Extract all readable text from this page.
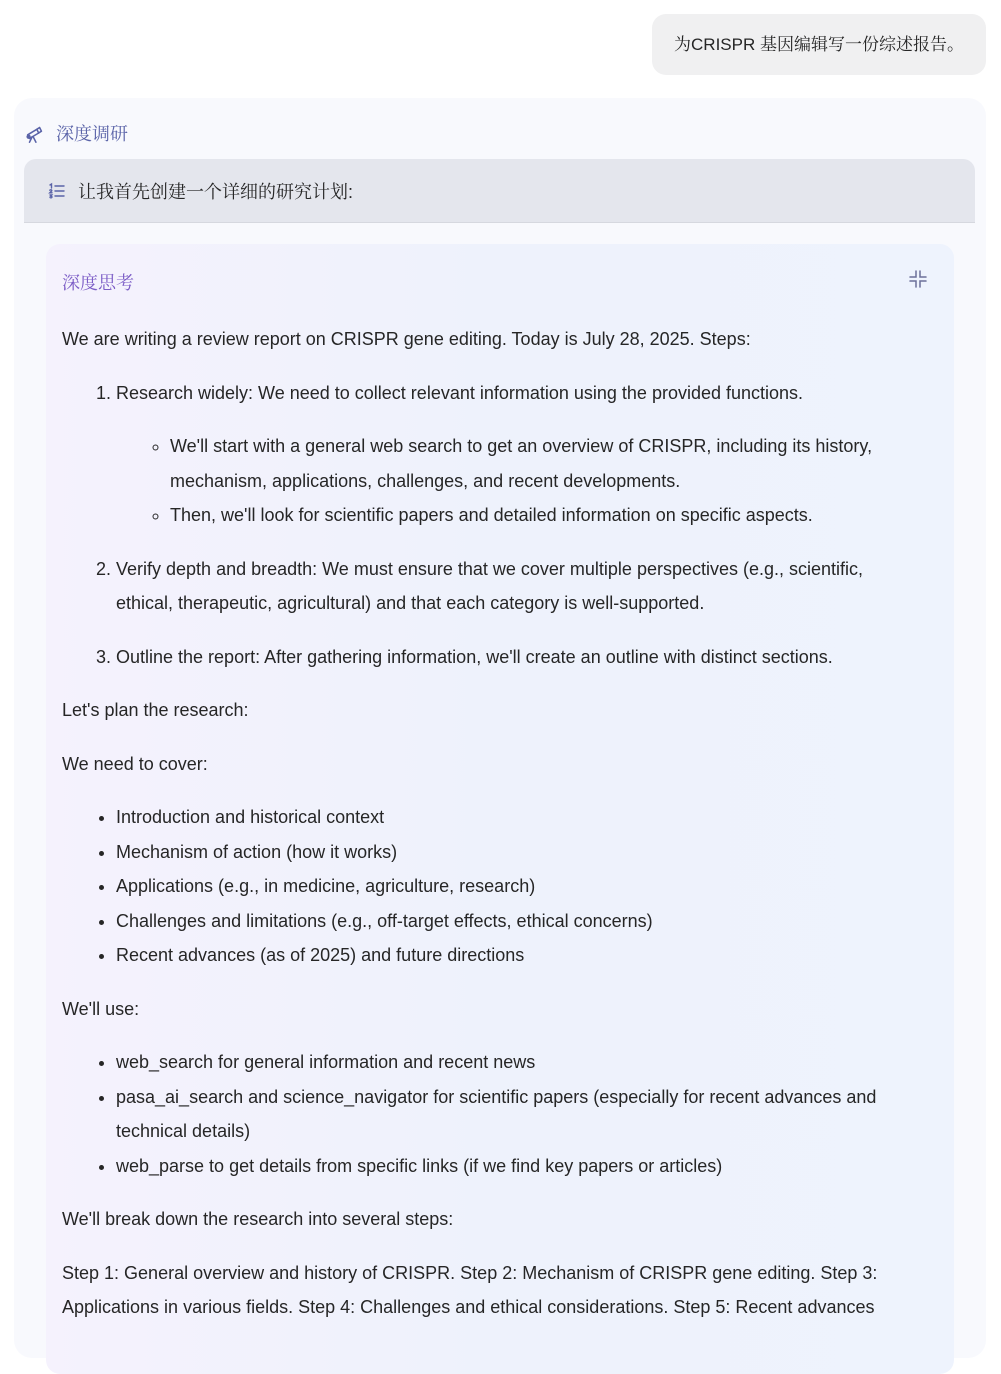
为CRISPR 基因编辑写一份综述报告。
深度调研
让我首先创建一个详细的研究计划:
深度思考

We are writing a review report on CRISPR gene editing. Today is July 28, 2025. Steps:

1. Research widely: We need to collect relevant information using the provided functions.
◦ We'll start with a general web search to get an overview of CRISPR, including its history, mechanism, applications, challenges, and recent developments.
◦ Then, we'll look for scientific papers and detailed information on specific aspects.
2. Verify depth and breadth: We must ensure that we cover multiple perspectives (e.g., scientific, ethical, therapeutic, agricultural) and that each category is well-supported.
3. Outline the report: After gathering information, we'll create an outline with distinct sections.

Let's plan the research:

We need to cover:

• Introduction and historical context
• Mechanism of action (how it works)
• Applications (e.g., in medicine, agriculture, research)
• Challenges and limitations (e.g., off-target effects, ethical concerns)
• Recent advances (as of 2025) and future directions

We'll use:

• web_search for general information and recent news
• pasa_ai_search and science_navigator for scientific papers (especially for recent advances and technical details)
• web_parse to get details from specific links (if we find key papers or articles)

We'll break down the research into several steps:

Step 1: General overview and history of CRISPR. Step 2: Mechanism of CRISPR gene editing. Step 3: Applications in various fields. Step 4: Challenges and ethical considerations. Step 5: Recent advances
